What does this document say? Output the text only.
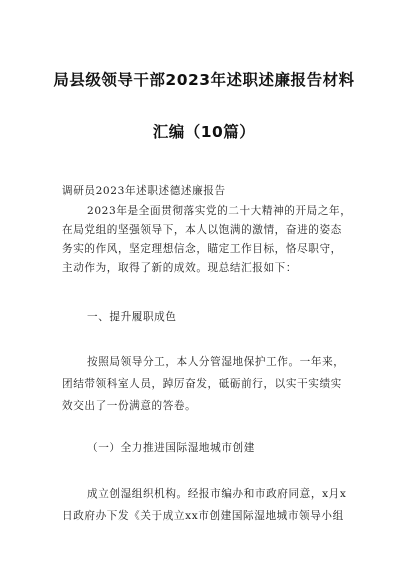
局县级领导干部2023年述职述廉报告材料
汇编（10篇）
调研员2023年述职述德述廉报告
2023年是全面贯彻落实党的二十大精神的开局之年，
在局党组的坚强领导下，本人以饱满的激情，奋进的姿态
务实的作风，坚定理想信念，瞄定工作目标，恪尽职守，
主动作为，取得了新的成效。现总结汇报如下：
一、提升履职成色
按照局领导分工，本人分管湿地保护工作。一年来，
团结带领科室人员，踔厉奋发，砥砺前行，以实干实绩实
效交出了一份满意的答卷。
（一）全力推进国际湿地城市创建
成立创湿组织机构。经报市编办和市政府同意，x月x
日政府办下发《关于成立xx市创建国际湿地城市领导小组
